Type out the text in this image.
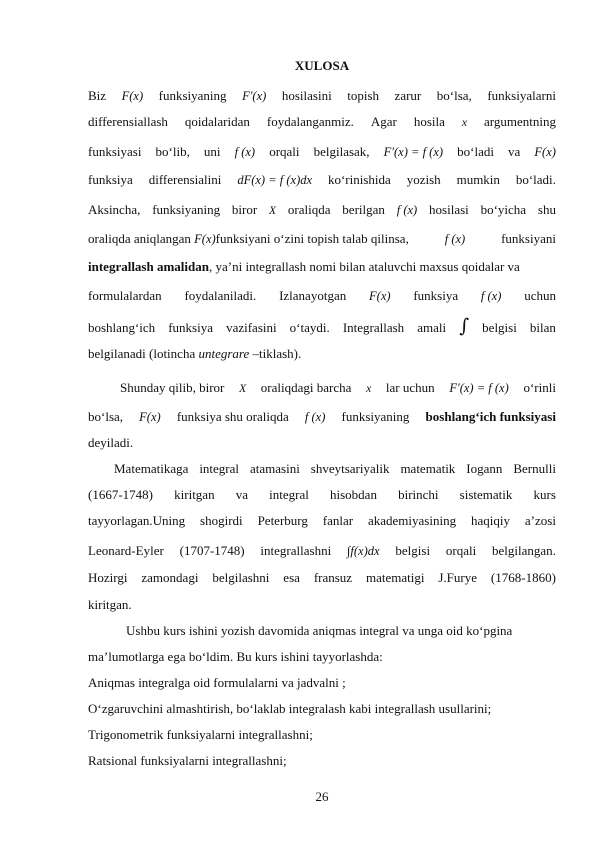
XULOSA
Biz F(x) funksiyaning F′(x) hosilasini topish zarur bo‘lsa, funksiyalarni
differensiallash qoidalaridan foydalanganmiz. Agar hosila x argumentning
funksiyasi bo‘lib, uni f (x) orqali belgilasak, F′(x) = f (x) bo‘ladi va F(x)
funksiya differensialini dF(x) = f (x)dx ko‘rinishida yozish mumkin bo‘ladi.
Aksincha, funksiyaning biror X oraliqda berilgan f (x) hosilasi bo‘yicha shu
oraliqda aniqlangan F(x)funksiyani o‘zini topish talab qilinsa,	f (x)	funksiyani
integrallash amalidan, ya’ni integrallash nomi bilan ataluvchi maxsus qoidalar va
formulalardan foydalaniladi. Izlanayotgan F(x) funksiya f (x) uchun
boshlang‘ich funksiya vazifasini o‘taydi. Integrallash amali ∫ belgisi bilan
belgilanadi (lotincha untegrare –tiklash).
Shunday qilib, biror X oraliqdagi barcha x lar uchun F′(x) = f (x) o‘rinli
bo‘lsa, F(x) funksiya shu oraliqda f (x) funksiyaning boshlang‘ich funksiyasi
deyiladi.
Matematikaga integral atamasini shveytsariyalik matematik Iogann Bernulli
(1667-1748) kiritgan va integral hisobdan birinchi sistematik kurs
tayyorlagan.Uning shogirdi Peterburg fanlar akademiyasining haqiqiy a’zosi
Leonard-Eyler (1707-1748) integrallashni ∫f(x)dx belgisi orqali belgilangan.
Hozirgi zamondagi belgilashni esa fransuz matematigi J.Furye (1768-1860)
kiritgan.
Ushbu kurs ishini yozish davomida aniqmas integral va unga oid ko‘pgina
ma’lumotlarga ega bo‘ldim. Bu kurs ishini tayyorlashda:
Aniqmas integralga oid formulalarni va jadvalni ;
O‘zgaruvchini almashtirish, bo‘laklab integralash kabi integrallash usullarini;
Trigonometrik funksiyalarni integrallashni;
Ratsional funksiyalarni integrallashni;
26
